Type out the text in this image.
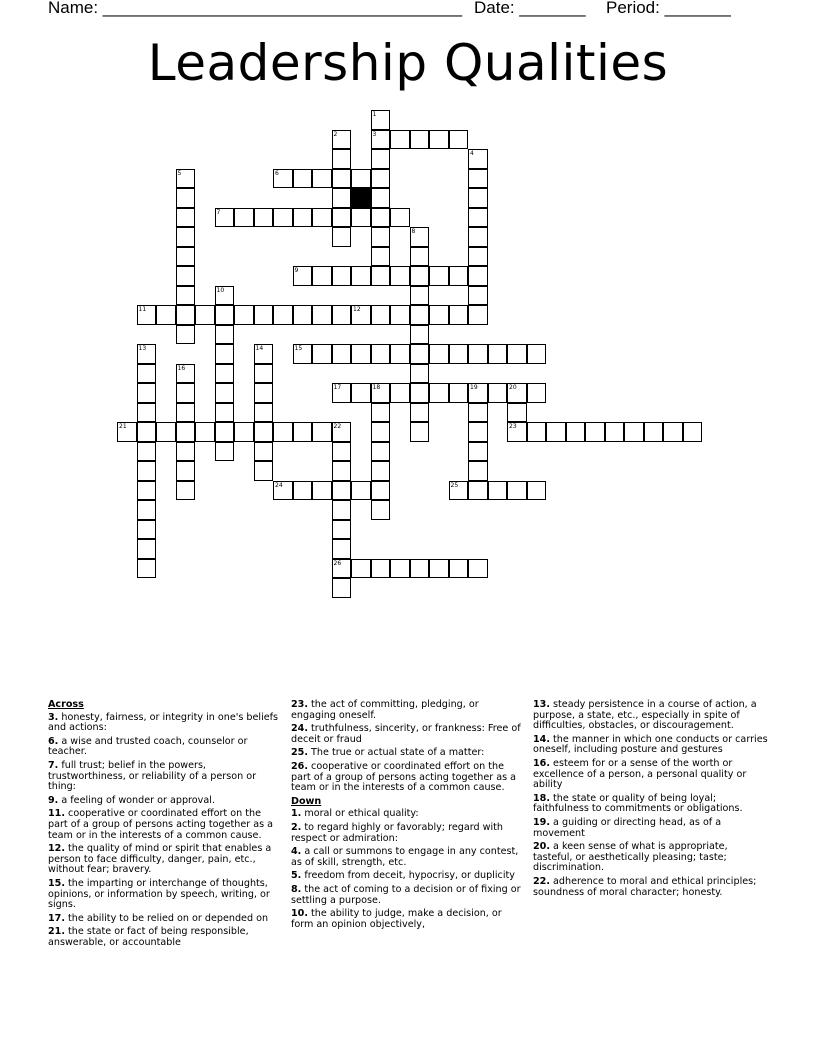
Name: ______________________________________ Date: _______ Period: _______
Leadership Qualities
1
2	3
4
5	6
7
8
9
10
11	12
13	14	15
16
17	18	19	20
21	22	23
24	25
26
Across

3. honesty, fairness, or integrity in one's beliefs and actions:

6. a wise and trusted coach, counselor or teacher.

7. full trust; belief in the powers, trustworthiness, or reliability of a person or thing:

9. a feeling of wonder or approval.

11. cooperative or coordinated effort on the part of a group of persons acting together as a team or in the interests of a common cause.

12. the quality of mind or spirit that enables a person to face difficulty, danger, pain, etc., without fear; bravery.

15. the imparting or interchange of thoughts, opinions, or information by speech, writing, or signs.

17. the ability to be relied on or depended on

21. the state or fact of being responsible, answerable, or accountable

23. the act of committing, pledging, or engaging oneself.

24. truthfulness, sincerity, or frankness: Free of deceit or fraud

25. The true or actual state of a matter:

26. cooperative or coordinated effort on the part of a group of persons acting together as a team or in the interests of a common cause.

Down

1. moral or ethical quality:

2. to regard highly or favorably; regard with respect or admiration:

4. a call or summons to engage in any contest, as of skill, strength, etc.

5. freedom from deceit, hypocrisy, or duplicity

8. the act of coming to a decision or of fixing or settling a purpose.

10. the ability to judge, make a decision, or form an opinion objectively,

13. steady persistence in a course of action, a purpose, a state, etc., especially in spite of difficulties, obstacles, or discouragement.

14. the manner in which one conducts or carries oneself, including posture and gestures

16. esteem for or a sense of the worth or excellence of a person, a personal quality or ability

18. the state or quality of being loyal; faithfulness to commitments or obligations.

19. a guiding or directing head, as of a movement

20. a keen sense of what is appropriate, tasteful, or aesthetically pleasing; taste; discrimination.

22. adherence to moral and ethical principles; soundness of moral character; honesty.
